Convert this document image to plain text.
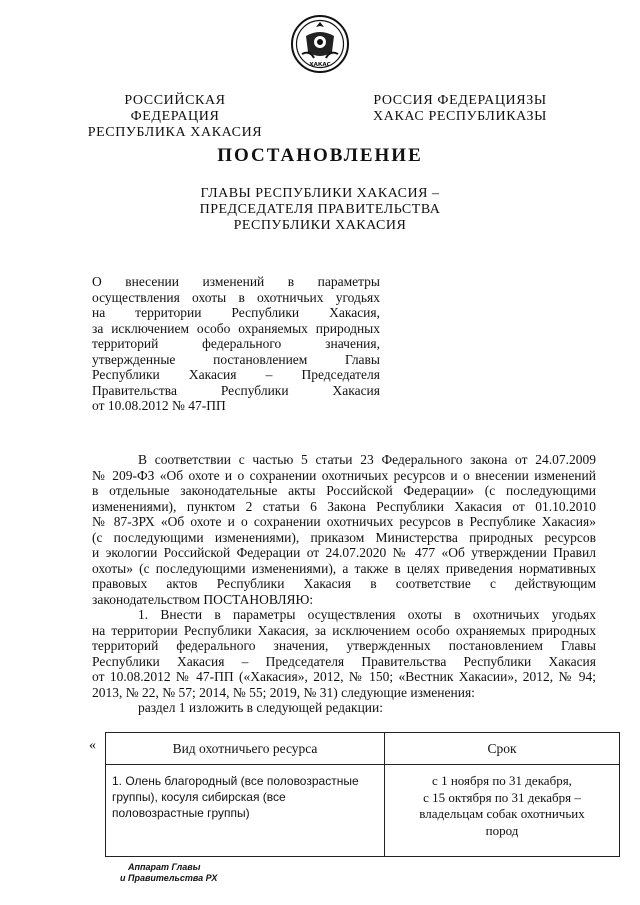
ХАКАС
РОССИЙСКАЯ ФЕДЕРАЦИЯ
РЕСПУБЛИКА ХАКАСИЯ
РОССИЯ ФЕДЕРАЦИЯЗЫ
ХАКАС РЕСПУБЛИКАЗЫ
ПОСТАНОВЛЕНИЕ
ГЛАВЫ РЕСПУБЛИКИ ХАКАСИЯ –
ПРЕДСЕДАТЕЛЯ ПРАВИТЕЛЬСТВА
РЕСПУБЛИКИ ХАКАСИЯ
О внесении изменений в параметры
осуществления охоты в охотничьих угодьях
на территории Республики Хакасия,
за исключением особо охраняемых природных
территорий федерального значения,
утвержденные постановлением Главы
Республики Хакасия – Председателя
Правительства Республики Хакасия
от 10.08.2012 № 47-ПП
В соответствии с частью 5 статьи 23 Федерального закона от 24.07.2009
№ 209-ФЗ «Об охоте и о сохранении охотничьих ресурсов и о внесении изменений
в отдельные законодательные акты Российской Федерации» (с последующими
изменениями), пунктом 2 статьи 6 Закона Республики Хакасия от 01.10.2010
№ 87-ЗРХ «Об охоте и о сохранении охотничьих ресурсов в Республике Хакасия»
(с последующими изменениями), приказом Министерства природных ресурсов
и экологии Российской Федерации от 24.07.2020 № 477 «Об утверждении Правил
охоты» (с последующими изменениями), а также в целях приведения нормативных
правовых актов Республики Хакасия в соответствие с действующим
законодательством ПОСТАНОВЛЯЮ:
1. Внести в параметры осуществления охоты в охотничьих угодьях
на территории Республики Хакасия, за исключением особо охраняемых природных
территорий федерального значения, утвержденных постановлением Главы
Республики Хакасия – Председателя Правительства Республики Хакасия
от 10.08.2012 № 47-ПП («Хакасия», 2012, № 150; «Вестник Хакасии», 2012, № 94;
2013, № 22, № 57; 2014, № 55; 2019, № 31) следующие изменения:
раздел 1 изложить в следующей редакции:
«	Вид охотничьего ресурса	Срок
1. Олень благородный (все половозрастные группы), косуля сибирская (все половозрастные группы)	с 1 ноября по 31 декабря,
с 15 октября по 31 декабря –
владельцам собак охотничьих
пород
Аппарат Главы
и Правительства РХ
